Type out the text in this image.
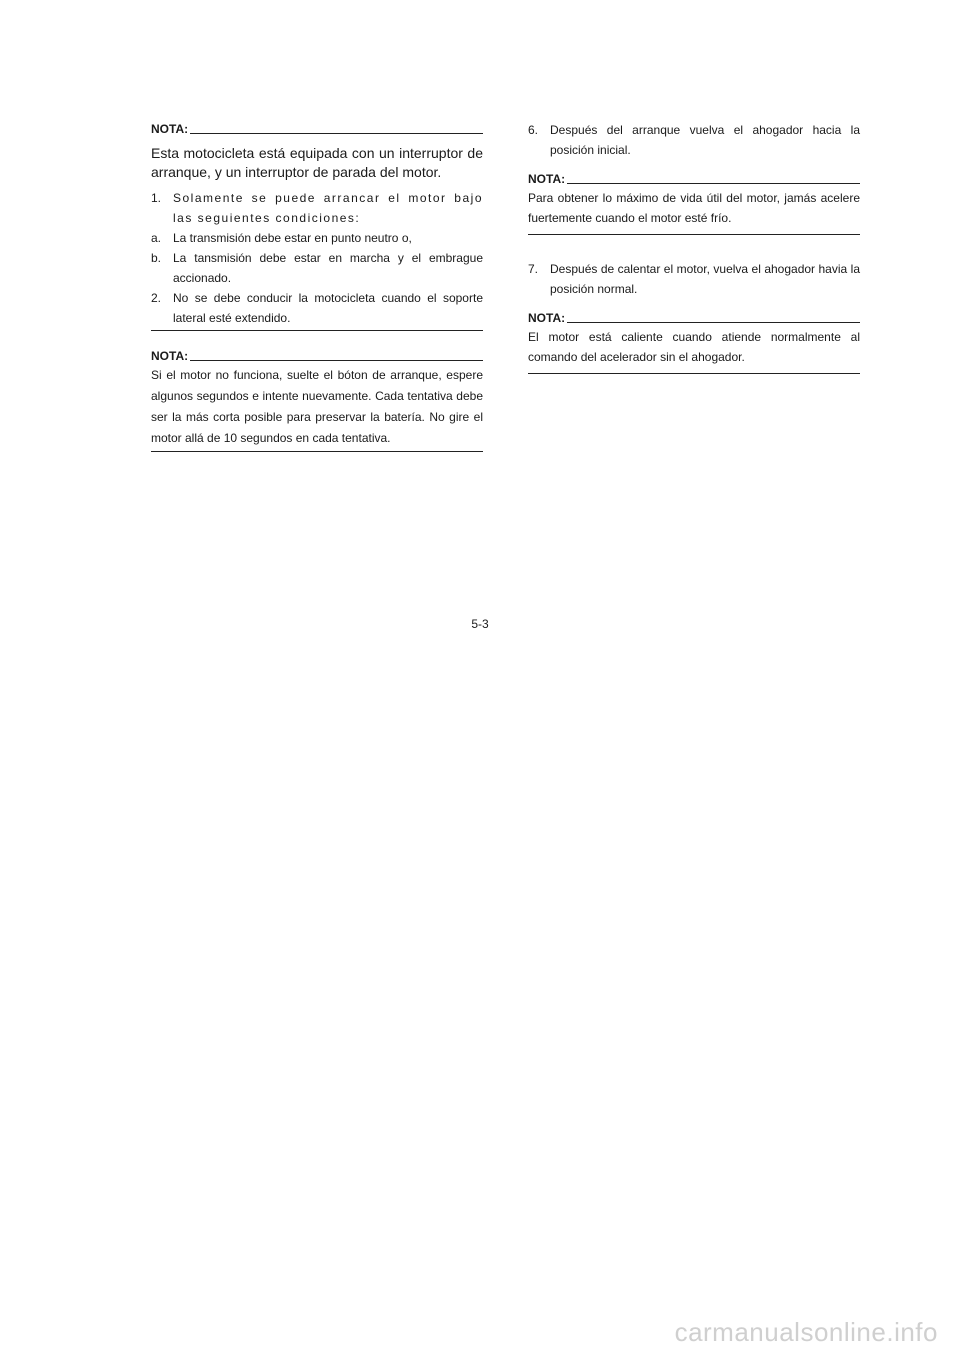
NOTA:
Esta motocicleta está equipada con un interruptor de arranque, y un interruptor de parada del motor.
1. Solamente se puede arrancar el motor bajo las seguientes condiciones:
a. La transmisión debe estar en punto neutro o,
b. La tansmisión debe estar en marcha y el embrague accionado.
2. No se debe conducir la motocicleta cuando el soporte lateral esté extendido.
NOTA:
Si el motor no funciona, suelte el bóton de arranque, espere algunos segundos e intente nuevamente. Cada tentativa debe ser la más corta posible para preservar la batería. No gire el motor allá de 10 segundos en cada tentativa.
6. Después del arranque vuelva el ahogador hacia la posición inicial.
NOTA:
Para obtener lo máximo de vida útil del motor, jamás acelere fuertemente cuando el motor esté frío.
7. Después de calentar el motor, vuelva el ahogador havia la posición normal.
NOTA:
El motor está caliente cuando atiende normalmente al comando del acelerador sin el ahogador.
5-3
carmanualsonline.info
